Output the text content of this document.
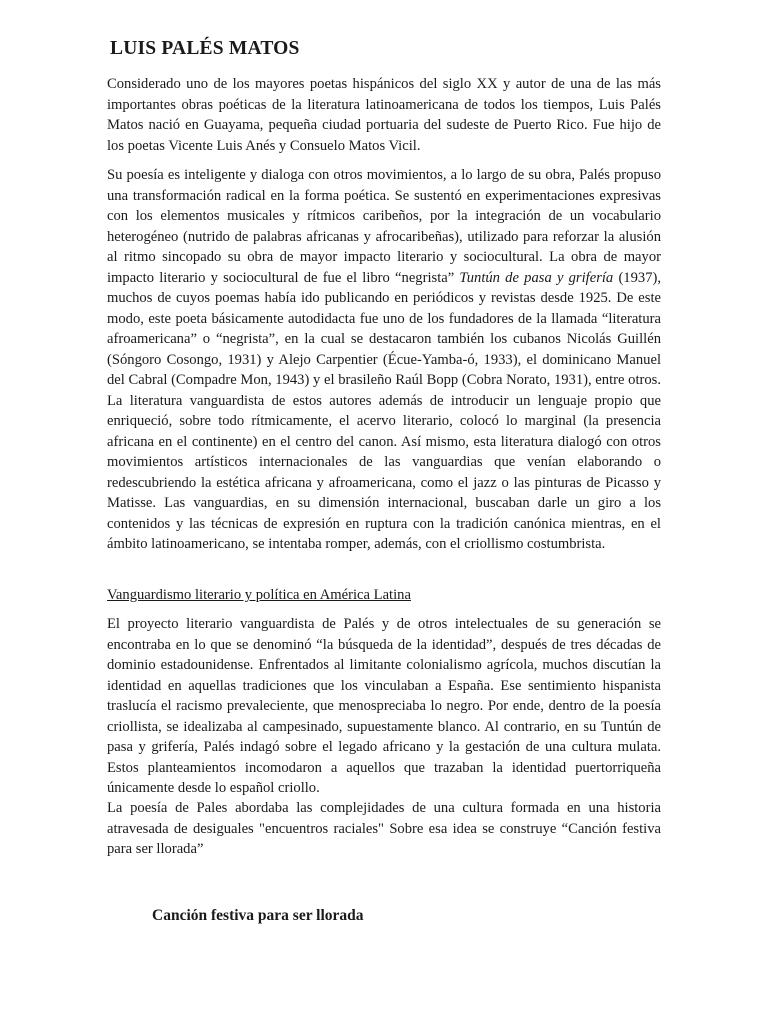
LUIS PALÉS MATOS

Considerado uno de los mayores poetas hispánicos del siglo XX y autor de una de las más importantes obras poéticas de la literatura latinoamericana de todos los tiempos, Luis Palés Matos nació en Guayama, pequeña ciudad portuaria del sudeste de Puerto Rico. Fue hijo de los poetas Vicente Luis Anés y Consuelo Matos Vicil.

Su poesía es inteligente y dialoga con otros movimientos, a lo largo de su obra, Palés propuso una transformación radical en la forma poética. Se sustentó en experimentaciones expresivas con los elementos musicales y rítmicos caribeños, por la integración de un vocabulario heterogéneo (nutrido de palabras africanas y afrocaribeñas), utilizado para reforzar la alusión al ritmo sincopado su obra de mayor impacto literario y sociocultural. La obra de mayor impacto literario y sociocultural de fue el libro “negrista” Tuntún de pasa y grifería (1937), muchos de cuyos poemas había ido publicando en periódicos y revistas desde 1925. De este modo, este poeta básicamente autodidacta fue uno de los fundadores de la llamada “literatura afroamericana” o “negrista”, en la cual se destacaron también los cubanos Nicolás Guillén (Sóngoro Cosongo, 1931) y Alejo Carpentier (Écue-Yamba-ó, 1933), el dominicano Manuel del Cabral (Compadre Mon, 1943) y el brasileño Raúl Bopp (Cobra Norato, 1931), entre otros. La literatura vanguardista de estos autores además de introducir un lenguaje propio que enriqueció, sobre todo rítmicamente, el acervo literario, colocó lo marginal (la presencia africana en el continente) en el centro del canon. Así mismo, esta literatura dialogó con otros movimientos artísticos internacionales de las vanguardias que venían elaborando o redescubriendo la estética africana y afroamericana, como el jazz o las pinturas de Picasso y Matisse. Las vanguardias, en su dimensión internacional, buscaban darle un giro a los contenidos y las técnicas de expresión en ruptura con la tradición canónica mientras, en el ámbito latinoamericano, se intentaba romper, además, con el criollismo costumbrista.

Vanguardismo literario y política en América Latina

El proyecto literario vanguardista de Palés y de otros intelectuales de su generación se encontraba en lo que se denominó “la búsqueda de la identidad”, después de tres décadas de dominio estadounidense. Enfrentados al limitante colonialismo agrícola, muchos discutían la identidad en aquellas tradiciones que los vinculaban a España. Ese sentimiento hispanista traslucía el racismo prevaleciente, que menospreciaba lo negro. Por ende, dentro de la poesía criollista, se idealizaba al campesinado, supuestamente blanco. Al contrario, en su Tuntún de pasa y grifería, Palés indagó sobre el legado africano y la gestación de una cultura mulata. Estos planteamientos incomodaron a aquellos que trazaban la identidad puertorriqueña únicamente desde lo español criollo.

La poesía de Pales abordaba las complejidades de una cultura formada en una historia atravesada de desiguales "encuentros raciales" Sobre esa idea se construye “Canción festiva para ser llorada”

Canción festiva para ser llorada
